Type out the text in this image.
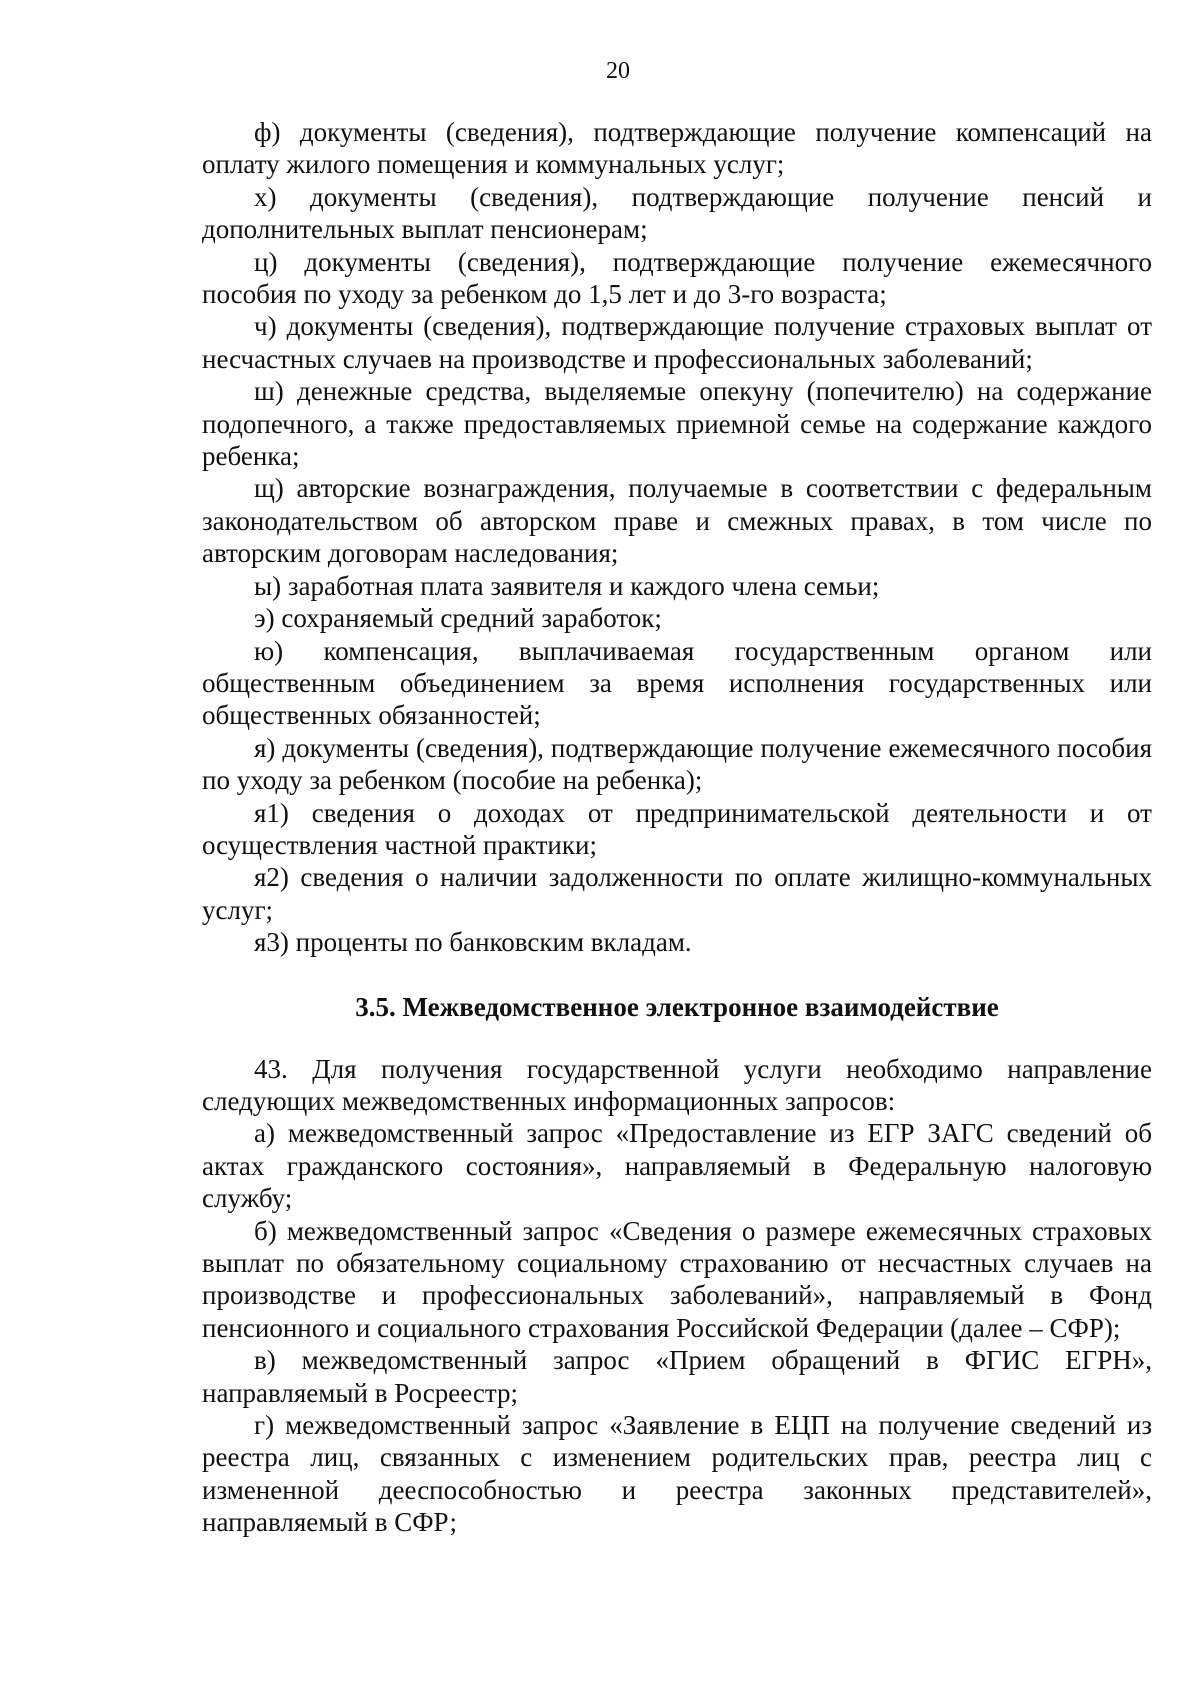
20

ф) документы (сведения), подтверждающие получение компенсаций на оплату жилого помещения и коммунальных услуг;

х) документы (сведения), подтверждающие получение пенсий и дополнительных выплат пенсионерам;

ц) документы (сведения), подтверждающие получение ежемесячного пособия по уходу за ребенком до 1,5 лет и до 3-го возраста;

ч) документы (сведения), подтверждающие получение страховых выплат от несчастных случаев на производстве и профессиональных заболеваний;

ш) денежные средства, выделяемые опекуну (попечителю) на содержание подопечного, а также предоставляемых приемной семье на содержание каждого ребенка;

щ) авторские вознаграждения, получаемые в соответствии с федеральным законодательством об авторском праве и смежных правах, в том числе по авторским договорам наследования;

ы) заработная плата заявителя и каждого члена семьи;

э) сохраняемый средний заработок;

ю) компенсация, выплачиваемая государственным органом или общественным объединением за время исполнения государственных или общественных обязанностей;

я) документы (сведения), подтверждающие получение ежемесячного пособия по уходу за ребенком (пособие на ребенка);

я1) сведения о доходах от предпринимательской деятельности и от осуществления частной практики;

я2) сведения о наличии задолженности по оплате жилищно-коммунальных услуг;

я3) проценты по банковским вкладам.

3.5. Межведомственное электронное взаимодействие

43. Для получения государственной услуги необходимо направление следующих межведомственных информационных запросов:

а) межведомственный запрос «Предоставление из ЕГР ЗАГС сведений об актах гражданского состояния», направляемый в Федеральную налоговую службу;

б) межведомственный запрос «Сведения о размере ежемесячных страховых выплат по обязательному социальному страхованию от несчастных случаев на производстве и профессиональных заболеваний», направляемый в Фонд пенсионного и социального страхования Российской Федерации (далее – СФР);

в) межведомственный запрос «Прием обращений в ФГИС ЕГРН», направляемый в Росреестр;

г) межведомственный запрос «Заявление в ЕЦП на получение сведений из реестра лиц, связанных с изменением родительских прав, реестра лиц с измененной дееспособностью и реестра законных представителей», направляемый в СФР;
